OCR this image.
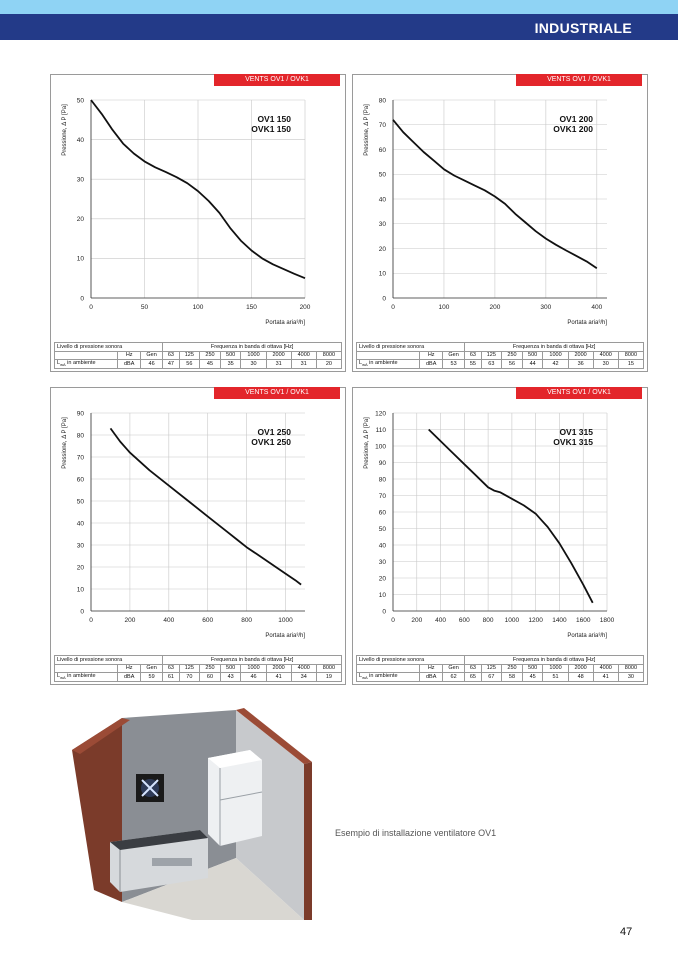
INDUSTRIALE
VENTS OV1 / OVK1
0
10
20
30
40
50
0	50	100	150	200
Pressione, Δ P [Pa]
Portata aria³/h]
OV1 150
OVK1 150
Livello di pressione sonora			Frequenza in banda di ottava [Hz]							
	Hz	Gen	63	125	250	500	1000	2000	4000	8000
$L_{wA}$ in ambiente	dBA	46	47	56	45	35	30	31	31	20
VENTS OV1 / OVK1
0
10
20
30
40
50
60
70
80
0	100	200	300	400
Pressione, Δ P [Pa]
Portata aria³/h]
OV1 200
OVK1 200
Livello di pressione sonora			Frequenza in banda di ottava [Hz]							
	Hz	Gen	63	125	250	500	1000	2000	4000	8000
$L_{wA}$ in ambiente	dBA	53	55	63	56	44	42	36	30	15
VENTS OV1 / OVK1
0
10
20
30
40
50
60
70
80
90
0	200	400	600	800	1000
Pressione, Δ P [Pa]
Portata aria³/h]
OV1 250
OVK1 250
Livello di pressione sonora			Frequenza in banda di ottava [Hz]							
	Hz	Gen	63	125	250	500	1000	2000	4000	8000
$L_{wA}$ in ambiente	dBA	59	61	70	60	43	46	41	34	19
VENTS OV1 / OVK1
0
10
20
30
40
50
60
70
80
90
100
110
120
0	200 400 600 800 1000 1200 1400 1600 1800
Pressione, Δ P [Pa]
Portata aria³/h]
OV1 315
OVK1 315
Livello di pressione sonora			Frequenza in banda di ottava [Hz]							
	Hz	Gen	63	125	250	500	1000	2000	4000	8000
$L_{wA}$ in ambiente	dBA	62	65	67	58	45	51	48	41	30
Esempio di installazione ventilatore OV1
47
